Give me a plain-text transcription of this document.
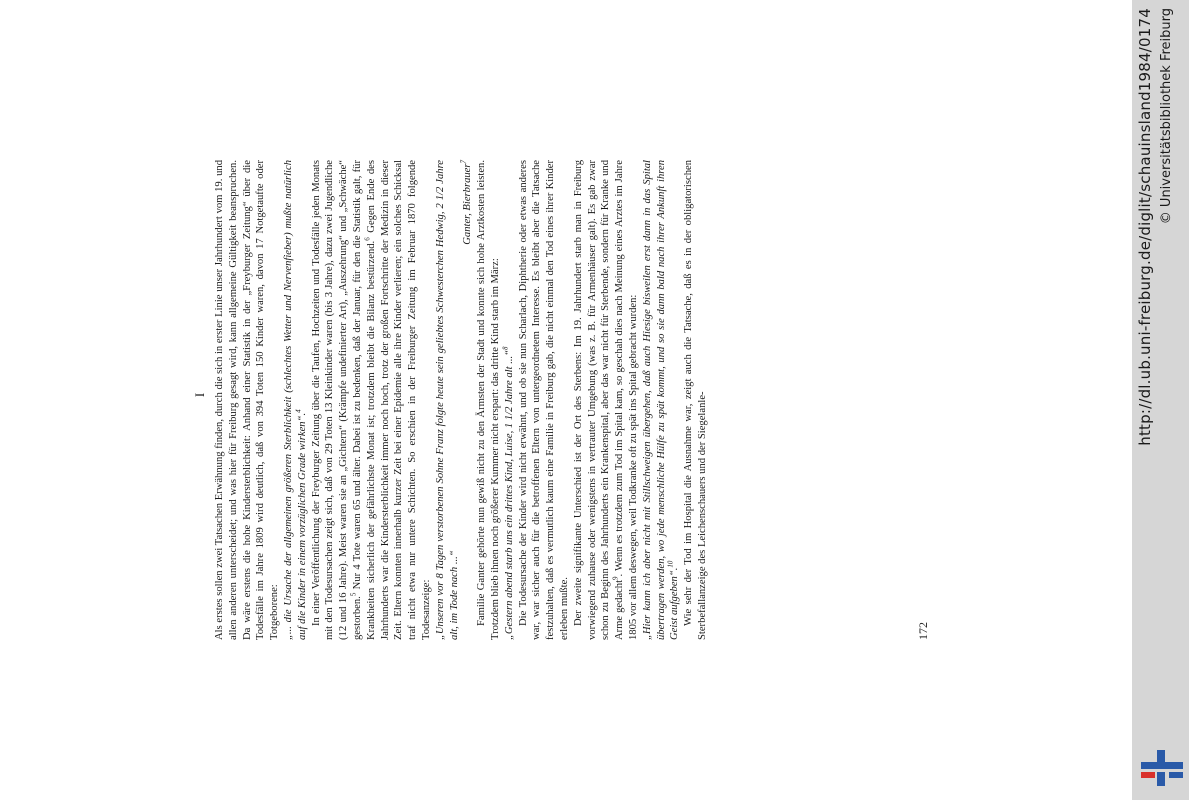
I Als erstes sollen zwei Tatsachen Erwähnung finden, durch die sich in erster Linie unser Jahrhundert vom 19. und allen anderen unterscheidet; und was hier für Freiburg gesagt wird, kann allgemeine Gültigkeit beanspruchen. Da wäre erstens die hohe Kindersterblichkeit: Anhand einer Statistik in der „Freyburger Zeitung“ über die Todesfälle im Jahre 1809 wird deutlich, daß von 394 Toten 150 Kinder waren, davon 17 Notgetaufte oder Totgeborene: „... die Ursache der allgemeinen größeren Sterblichkeit (schlechtes Wetter und Nervenfieber) mußte natürlich auf die Kinder in einem vorzüglichen Grade wirken“.$^4$ In einer Veröffentlichung der Freyburger Zeitung über die Taufen, Hochzeiten und Todesfälle jeden Monats mit den Todesursachen zeigt sich, daß von 29 Toten 13 Kleinkinder waren (bis 3 Jahre), dazu zwei Jugendliche (12 und 16 Jahre). Meist waren sie an „Gichtern“ (Krämpfe undefinierter Art), „Auszehrung“ und „Schwäche“ gestorben.$^5$ Nur 4 Tote waren 65 und älter. Dabei ist zu bedenken, daß der Januar, für den die Statistik galt, für Krankheiten sicherlich der gefährlichste Monat ist; trotzdem bleibt die Bilanz bestürzend.$^6$ Gegen Ende des Jahrhunderts war die Kindersterblichkeit immer noch hoch, trotz der großen Fortschritte der Medizin in dieser Zeit. Eltern konnten innerhalb kurzer Zeit bei einer Epidemie alle ihre Kinder verlieren; ein solches Schicksal traf nicht etwa nur untere Schichten. So erschien in der Freiburger Zeitung im Februar 1870 folgende Todesanzeige: „Unseren vor 8 Tagen verstorbenen Sohne Franz folgte heute sein geliebtes Schwesterchen Hedwig, 2 1/2 Jahre alt, im Tode nach ...“

Ganter, Bierbrauer$^7$ Familie Ganter gehörte nun gewiß nicht zu den Ärmsten der Stadt und konnte sich hohe Arztkosten leisten. Trotzdem blieb ihnen noch größerer Kummer nicht erspart: das dritte Kind starb im März: „Gestern abend starb uns ein drittes Kind, Luise, 1 1/2 Jahre alt ...“$^8$ Die Todesursache der Kinder wird nicht erwähnt, und ob sie nun Scharlach, Diphtherie oder etwas anderes war, war sicher auch für die betroffenen Eltern von untergeordnetem Interesse. Es bleibt aber die Tatsache festzuhalten, daß es vermutlich kaum eine Familie in Freiburg gab, die nicht einmal den Tod eines ihrer Kinder erleben mußte. Der zweite signifikante Unterschied ist der Ort des Sterbens: Im 19. Jahrhundert starb man in Freiburg vorwiegend zuhause oder wenigstens in vertrauter Umgebung (was z. B. für Armenhäuser galt). Es gab zwar schon zu Beginn des Jahrhunderts ein Krankenspital, aber das war nicht für Sterbende, sondern für Kranke und Arme gedacht$^9$. Wenn es trotzdem zum Tod im Spital kam, so geschah dies nach Meinung eines Arztes im Jahre 1805 vor allem deswegen, weil Todkranke oft zu spät ins Spital gebracht wurden: „Hier kann ich aber nicht mit Stillschweigen übergehen, daß auch Hiesige bisweilen erst dann in das Spital übertragen werden, wo jede menschliche Hülfe zu spät kommt, und so sie dann bald nach ihrer Ankunft ihren Geist aufgeben“.$^{10}$ Wie sehr der Tod im Hospital die Ausnahme war, zeigt auch die Tatsache, daß es in der obligatorischen Sterbefallanzeige des Leichenschauers und der Siegelanle-	172
http://dl.ub.uni-freiburg.de/diglit/schauinsland1984/0174 © Universitätsbibliothek Freiburg
